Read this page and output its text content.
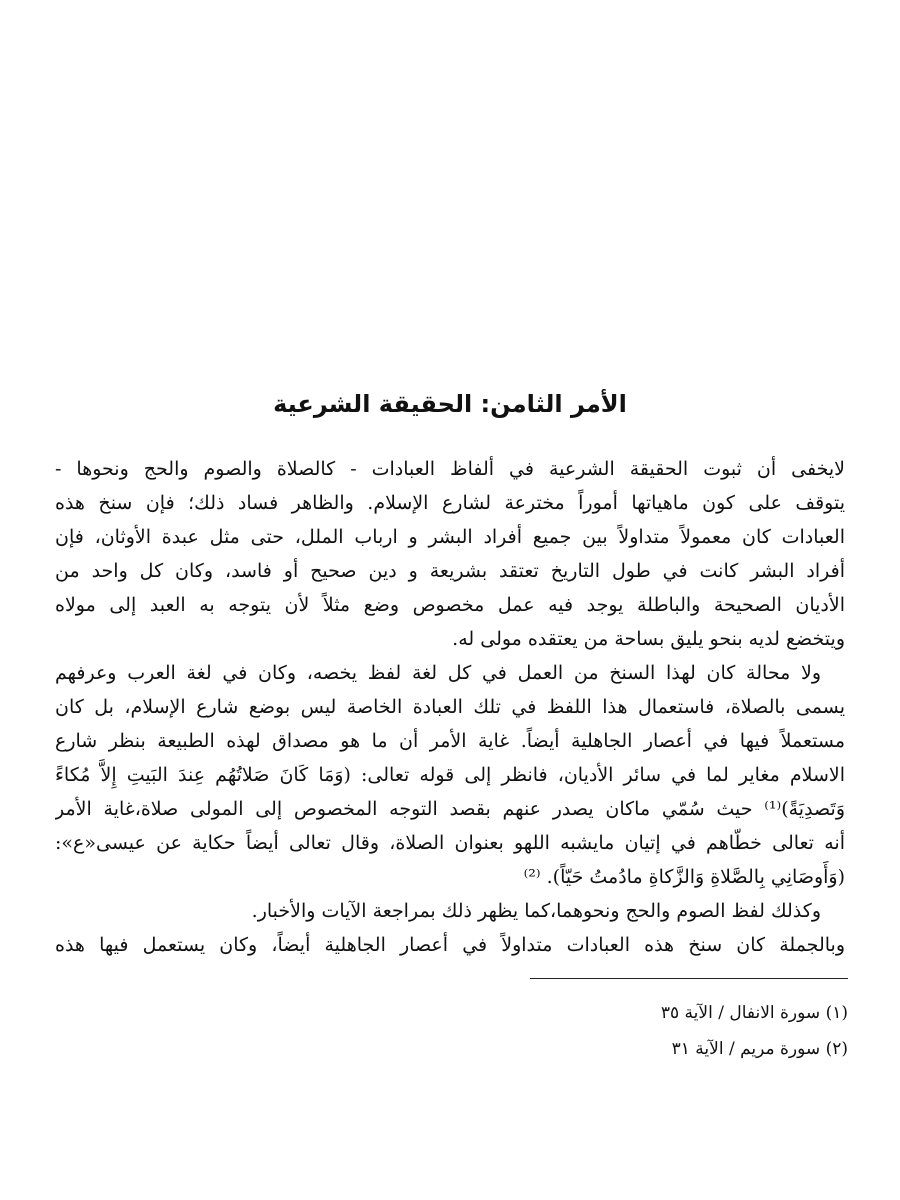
الأمر الثامن: الحقيقة الشرعية
لايخفى أن ثبوت الحقيقة الشرعية في ألفاظ العبادات - كالصلاة والصوم والحج ونحوها -
يتوقف على كون ماهياتها أموراً مخترعة لشارع الإسلام. والظاهر فساد ذلك؛ فإن سنخ هذه
العبادات كان معمولاً متداولاً بين جميع أفراد البشر و ارباب الملل، حتى مثل عبدة الأوثان، فإن
أفراد البشر كانت في طول التاريخ تعتقد بشريعة و دين صحيح أو فاسد، وكان كل واحد من
الأديان الصحيحة والباطلة يوجد فيه عمل مخصوص وضع مثلاً لأن يتوجه به العبد إلى مولاه
ويتخضع لديه بنحو يليق بساحة من يعتقده مولى له.
ولا محالة كان لهذا السنخ من العمل في كل لغة لفظ يخصه، وكان في لغة العرب وعرفهم
يسمى بالصلاة، فاستعمال هذا اللفظ في تلك العبادة الخاصة ليس بوضع شارع الإسلام، بل كان
مستعملاً فيها في أعصار الجاهلية أيضاً. غاية الأمر أن ما هو مصداق لهذه الطبيعة بنظر شارع
الاسلام مغاير لما في سائر الأديان، فانظر إلى قوله تعالى: (وَمَا كَانَ صَلاتُهُم عِندَ البَيتِ إِلاَّ مُكاءً
وَتَصدِيَةً)⁽¹⁾ حيث سُمّي ماكان يصدر عنهم بقصد التوجه المخصوص إلى المولى صلاة،غاية الأمر
أنه تعالى خطّاهم في إتيان مايشبه اللهو بعنوان الصلاة، وقال تعالى أيضاً حكاية عن عيسى«ع»:
(وَأَوصَانِي بِالصَّلاةِ وَالزَّكاةِ مادُمتُ حَيّاً). ⁽²⁾
وكذلك لفظ الصوم والحج ونحوهما،كما يظهر ذلك بمراجعة الآيات والأخبار.
وبالجملة كان سنخ هذه العبادات متداولاً في أعصار الجاهلية أيضاً، وكان يستعمل فيها هذه
(١) سورة الانفال / الآية ٣٥
(٢) سورة مريم / الآية ٣١
